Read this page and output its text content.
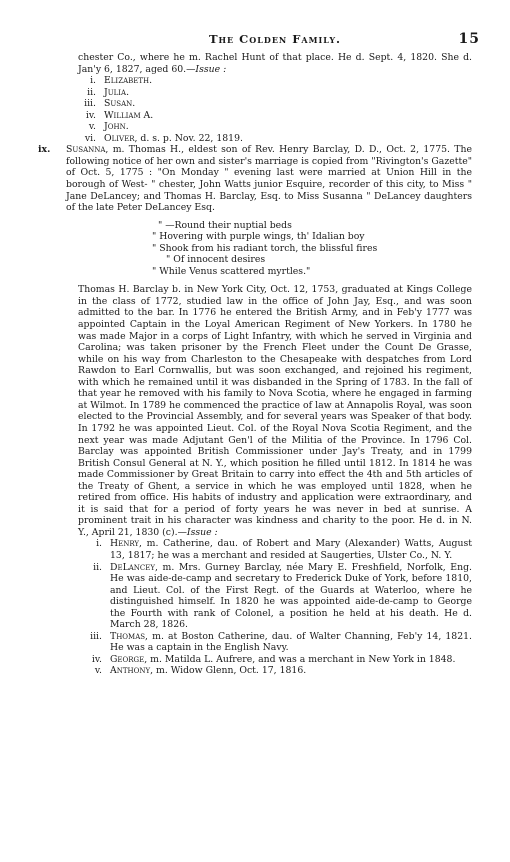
The Colden Family.	15

chester Co., where he m. Rachel Hunt of that place. He d. Sept. 4, 1820. She d. Jan'y 6, 1827, aged 60.—Issue :

i. Elizabeth.
ii. Julia.
iii. Susan.
iv. William A.
v. John.
vi. Oliver, d. s. p. Nov. 22, 1819.
ix.	Susanna, m. Thomas H., eldest son of Rev. Henry Barclay, D. D., Oct. 2, 1775. The following notice of her own and sister's marriage is copied from "Rivington's Gazette" of Oct. 5, 1775 : "On Monday " evening last were married at Union Hill in the borough of West- " chester, John Watts junior Esquire, recorder of this city, to Miss " Jane DeLancey; and Thomas H. Barclay, Esq. to Miss Susanna " DeLancey daughters of the late Peter DeLancey Esq.
" —Round their nuptial beds
" Hovering with purple wings, th' Idalian boy
" Shook from his radiant torch, the blissful fires
" Of innocent desires
" While Venus scattered myrtles."

Thomas H. Barclay b. in New York City, Oct. 12, 1753, graduated at Kings College in the class of 1772, studied law in the office of John Jay, Esq., and was soon admitted to the bar. In 1776 he entered the British Army, and in Feb'y 1777 was appointed Captain in the Loyal American Regiment of New Yorkers. In 1780 he was made Major in a corps of Light Infantry, with which he served in Virginia and Carolina; was taken prisoner by the French Fleet under the Count De Grasse, while on his way from Charleston to the Chesapeake with despatches from Lord Rawdon to Earl Cornwallis, but was soon exchanged, and rejoined his regiment, with which he remained until it was disbanded in the Spring of 1783. In the fall of that year he removed with his family to Nova Scotia, where he engaged in farming at Wilmot. In 1789 he commenced the practice of law at Annapolis Royal, was soon elected to the Provincial Assembly, and for several years was Speaker of that body. In 1792 he was appointed Lieut. Col. of the Royal Nova Scotia Regiment, and the next year was made Adjutant Gen'l of the Militia of the Province. In 1796 Col. Barclay was appointed British Commissioner under Jay's Treaty, and in 1799 British Consul General at N. Y., which position he filled until 1812. In 1814 he was made Commissioner by Great Britain to carry into effect the 4th and 5th articles of the Treaty of Ghent, a service in which he was employed until 1828, when he retired from office. His habits of industry and application were extraordinary, and it is said that for a period of forty years he was never in bed at sunrise. A prominent trait in his character was kindness and charity to the poor. He d. in N. Y., April 21, 1830 (c).—Issue :

i. Henry, m. Catherine, dau. of Robert and Mary (Alexander) Watts, August 13, 1817; he was a merchant and resided at Saugerties, Ulster Co., N. Y.
ii. DeLancey, m. Mrs. Gurney Barclay, née Mary E. Freshfield, Norfolk, Eng. He was aide-de-camp and secretary to Frederick Duke of York, before 1810, and Lieut. Col. of the First Regt. of the Guards at Waterloo, where he distinguished himself. In 1820 he was appointed aide-de-camp to George the Fourth with rank of Colonel, a position he held at his death. He d. March 28, 1826.
iii. Thomas, m. at Boston Catherine, dau. of Walter Channing, Feb'y 14, 1821. He was a captain in the English Navy.
iv. George, m. Matilda L. Aufrere, and was a merchant in New York in 1848.
v. Anthony, m. Widow Glenn, Oct. 17, 1816.
